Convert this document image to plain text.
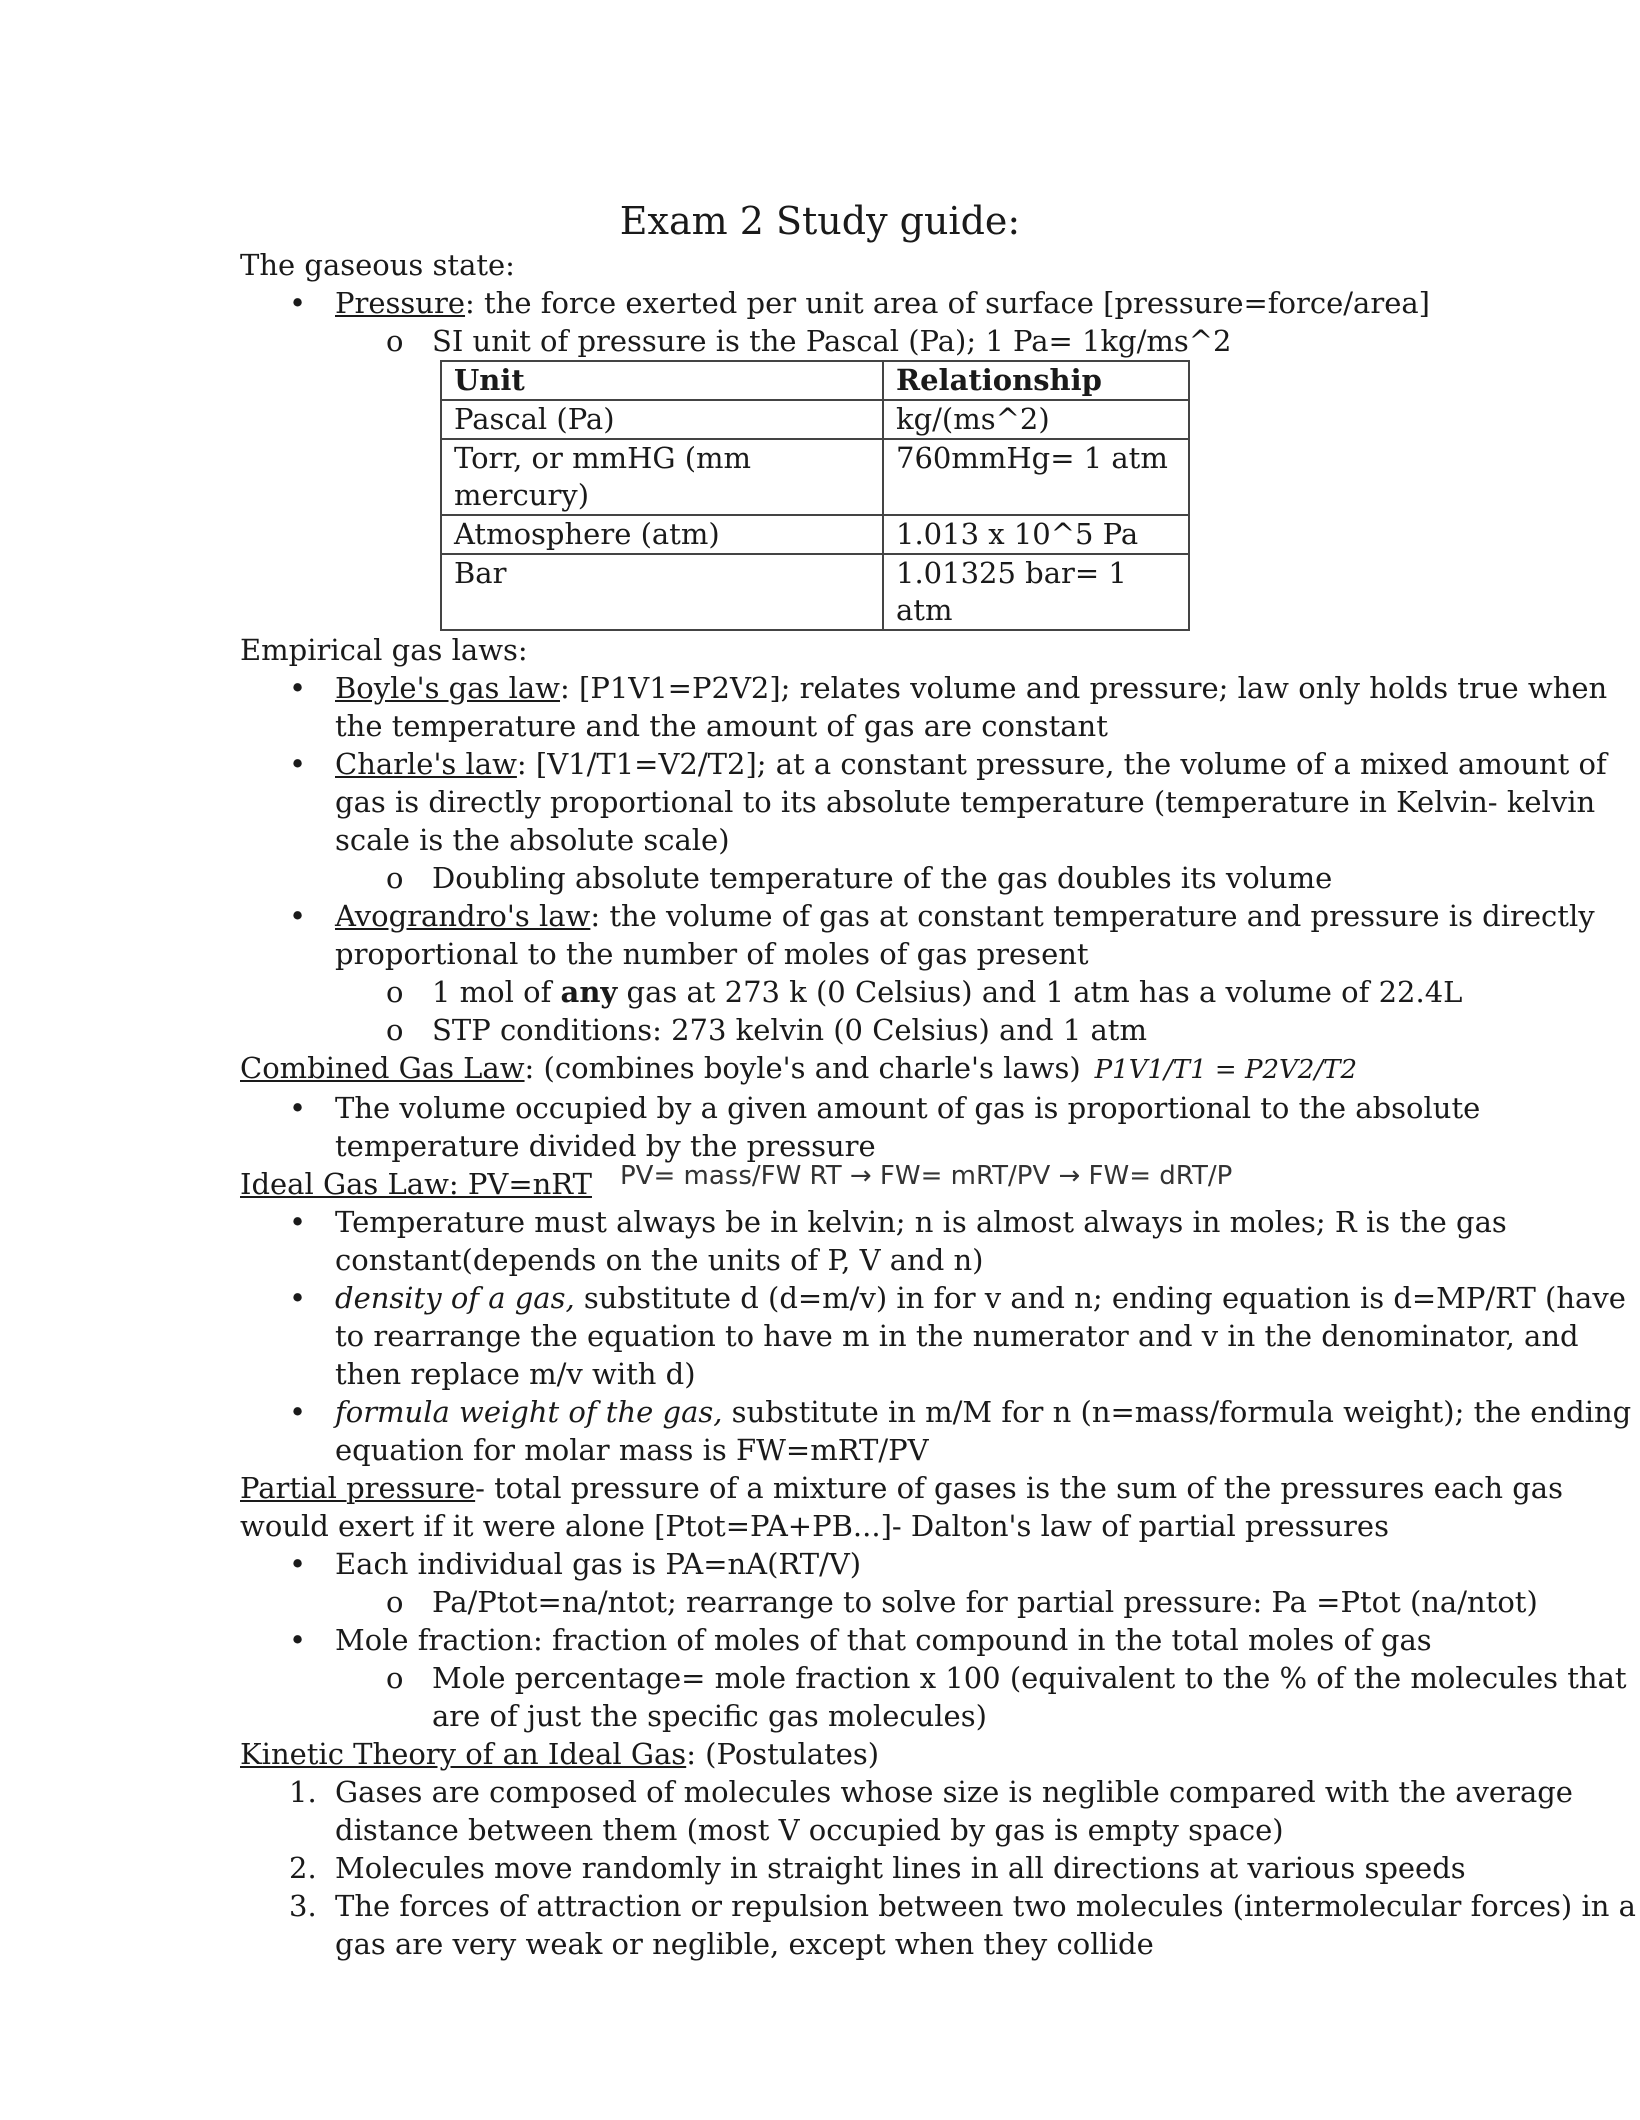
Exam 2 Study guide:

The gaseous state:

• Pressure: the force exerted per unit area of surface [pressure=force/area]
o SI unit of pressure is the Pascal (Pa); 1 Pa= 1kg/ms^2
Unit	Relationship
Pascal (Pa)	kg/(ms^2)
Torr, or mmHG (mm mercury)	760mmHg= 1 atm
Atmosphere (atm)	1.013 x 10^5 Pa
Bar	1.01325 bar= 1 atm

Empirical gas laws:

• Boyle's gas law: [P1V1=P2V2]; relates volume and pressure; law only holds true when the temperature and the amount of gas are constant
• Charle's law: [V1/T1=V2/T2]; at a constant pressure, the volume of a mixed amount of gas is directly proportional to its absolute temperature (temperature in Kelvin- kelvin scale is the absolute scale)
o Doubling absolute temperature of the gas doubles its volume
• Avograndro's law: the volume of gas at constant temperature and pressure is directly proportional to the number of moles of gas present
o 1 mol of any gas at 273 k (0 Celsius) and 1 atm has a volume of 22.4L
o STP conditions: 273 kelvin (0 Celsius) and 1 atm

Combined Gas Law: (combines boyle's and charle's laws) P1V1/T1 = P2V2/T2

• The volume occupied by a given amount of gas is proportional to the absolute temperature divided by the pressure

Ideal Gas Law: PV=nRT PV= mass/FW RT → FW= mRT/PV → FW= dRT/P

• Temperature must always be in kelvin; n is almost always in moles; R is the gas constant(depends on the units of P, V and n)
• density of a gas, substitute d (d=m/v) in for v and n; ending equation is d=MP/RT (have to rearrange the equation to have m in the numerator and v in the denominator, and then replace m/v with d)
• formula weight of the gas, substitute in m/M for n (n=mass/formula weight); the ending equation for molar mass is FW=mRT/PV

Partial pressure- total pressure of a mixture of gases is the sum of the pressures each gas would exert if it were alone [Ptot=PA+PB...]- Dalton's law of partial pressures

• Each individual gas is PA=nA(RT/V)
o Pa/Ptot=na/ntot; rearrange to solve for partial pressure: Pa =Ptot (na/ntot)
• Mole fraction: fraction of moles of that compound in the total moles of gas
o Mole percentage= mole fraction x 100 (equivalent to the % of the molecules that are of just the specific gas molecules)

Kinetic Theory of an Ideal Gas: (Postulates)

1. Gases are composed of molecules whose size is neglible compared with the average distance between them (most V occupied by gas is empty space)
2. Molecules move randomly in straight lines in all directions at various speeds
3. The forces of attraction or repulsion between two molecules (intermolecular forces) in a gas are very weak or neglible, except when they collide
